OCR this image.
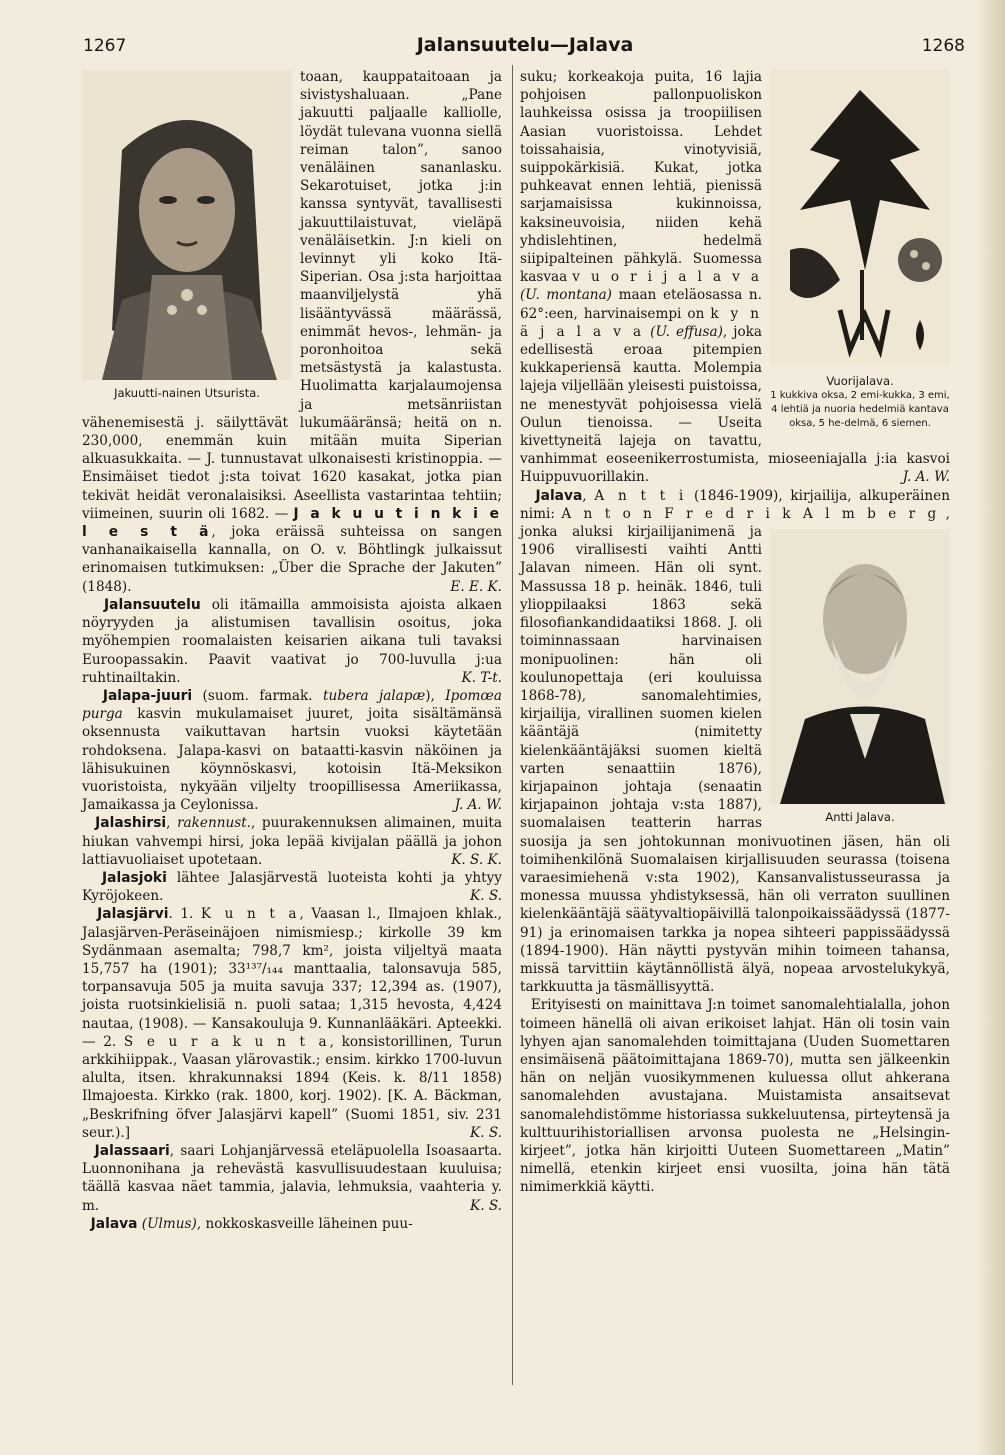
1267	Jalansuutelu—Jalava	1268

Jakuutti-nainen Utsurista.
toaan, kauppataitoaan ja sivistyshaluaan. „Pane jakuutti paljaalle kalliolle, löydät tulevana vuonna siellä reiman talon”, sanoo venäläinen sananlasku. Sekarotuiset, jotka j:in kanssa syntyvät, tavallisesti jakuuttilaistuvat, vieläpä venäläisetkin. J:n kieli on levinnyt yli koko Itä-Siperian. Osa j:sta harjoittaa maanviljelystä yhä lisääntyvässä määrässä, enimmät hevos-, lehmän- ja poronhoitoa sekä metsästystä ja kalastusta. Huolimatta karjalaumojensa ja metsänriistan vähenemisestä j. säilyttävät lukumääränsä; heitä on n. 230,000, enemmän kuin mitään muita Siperian alkuasukkaita. — J. tunnustavat ulkonaisesti kristinoppia. — Ensimäiset tiedot j:sta toivat 1620 kasakat, jotka pian tekivät heidät veronalaisiksi. Aseellista vastarintaa tehtiin; viimeinen, suurin oli 1682. — J a k u u t i n k i e l e s t ä, joka eräissä suhteissa on sangen vanhanaikaisella kannalla, on O. v. Böhtlingk julkaissut erinomaisen tutkimuksen: „Über die Sprache der Jakuten” (1848).	E. E. K.

Jalansuutelu oli itämailla ammoisista ajoista alkaen nöyryyden ja alistumisen tavallisin osoitus, joka myöhempien roomalaisten keisarien aikana tuli tavaksi Euroopassakin. Paavit vaativat jo 700-luvulla j:ua ruhtinailtakin.	K. T-t.

Jalapa-juuri (suom. farmak. tubera jalapæ), Ipomœa purga kasvin mukulamaiset juuret, joita sisältämänsä oksennusta vaikuttavan hartsin vuoksi käytetään rohdoksena. Jalapa-kasvi on bataatti-kasvin näköinen ja lähisukuinen köynnöskasvi, kotoisin Itä-Meksikon vuoristoista, nykyään viljelty troopillisessa Ameriikassa, Jamaikassa ja Ceylonissa.	J. A. W.

Jalashirsi, rakennust., puurakennuksen alimainen, muita hiukan vahvempi hirsi, joka lepää kivijalan päällä ja johon lattiavuoliaiset upotetaan.	K. S. K.

Jalasjoki lähtee Jalasjärvestä luoteista kohti ja yhtyy Kyröjokeen.	K. S.

Jalasjärvi. 1. K u n t a, Vaasan l., Ilmajoen khlak., Jalasjärven-Peräseinäjoen nimismiesp.; kirkolle 39 km Sydänmaan asemalta; 798,7 km², joista viljeltyä maata 15,757 ha (1901); 33¹³⁷/₁₄₄ manttaalia, talonsavuja 585, torpansavuja 505 ja muita savuja 337; 12,394 as. (1907), joista ruotsinkielisiä n. puoli sataa; 1,315 hevosta, 4,424 nautaa, (1908). — Kansakouluja 9. Kunnanlääkäri. Apteekki. — 2. S e u r a k u n t a, konsistorillinen, Turun arkkihiippak., Vaasan ylärovastik.; ensim. kirkko 1700-luvun alulta, itsen. khrakunnaksi 1894 (Keis. k. 8/11 1858) Ilmajoesta. Kirkko (rak. 1800, korj. 1902). [K. A. Bäckman, „Beskrifning öfver Jalasjärvi kapell” (Suomi 1851, siv. 231 seur.).]	K. S.

Jalassaari, saari Lohjanjärvessä eteläpuolella Isoasaarta. Luonnonihana ja rehevästä kasvullisuudestaan kuuluisa; täällä kasvaa näet tammia, jalavia, lehmuksia, vaahteria y. m.	K. S.

Jalava (Ulmus), nokkoskasveille läheinen puu-

Vuorijalava.
1 kukkiva oksa, 2 emi-kukka, 3 emi, 4 lehtiä ja nuoria hedelmiä kantava oksa, 5 he-delmä, 6 siemen.
suku; korkeakoja puita, 16 lajia pohjoisen pallonpuoliskon lauhkeissa osissa ja troopiilisen Aasian vuoristoissa. Lehdet toissahaisia, vinotyvisiä, suippokärkisiä. Kukat, jotka puhkeavat ennen lehtiä, pienissä sarjamaisissa kukinnoissa, kaksineuvoisia, niiden kehä yhdislehtinen, hedelmä siipipalteinen pähkylä. Suomessa kasvaa v u o r i j a l a v a (U. montana) maan eteläosassa n. 62°:een, harvinaisempi on k y n ä j a l a v a (U. effusa), joka edellisestä eroaa pitempien kukkaperiensä kautta. Molempia lajeja viljellään yleisesti puistoissa, ne menestyvät pohjoisessa vielä Oulun tienoissa. — Useita kivettyneitä lajeja on tavattu, vanhimmat eoseenikerrostumista, mioseeniajalla j:ia kasvoi Huippuvuorillakin.	J. A. W.

Jalava, A n t t i (1846-1909), kirjailija, alkuperäinen nimi: A n t o n F r e d r i k A l m b e r g
Antti Jalava.
, jonka aluksi kirjailijanimenä ja 1906 virallisesti vaihti Antti Jalavan nimeen. Hän oli synt. Massussa 18 p. heinäk. 1846, tuli ylioppilaaksi 1863 sekä filosofiankandidaatiksi 1868. J. oli toiminnassaan harvinaisen monipuolinen: hän oli koulunopettaja (eri kouluissa 1868-78), sanomalehtimies, kirjailija, virallinen suomen kielen kääntäjä (nimitetty kielenkääntäjäksi suomen kieltä varten senaattiin 1876), kirjapainon johtaja (senaatin kirjapainon johtaja v:sta 1887), suomalaisen teatterin harras suosija ja sen johtokunnan monivuotinen jäsen, hän oli toimihenkilönä Suomalaisen kirjallisuuden seurassa (toisena varaesimiehenä v:sta 1902), Kansanvalistusseurassa ja monessa muussa yhdistyksessä, hän oli verraton suullinen kielenkääntäjä säätyvaltiopäivillä talonpoikaissäädyssä (1877-91) ja erinomaisen tarkka ja nopea sihteeri pappissäädyssä (1894-1900). Hän näytti pystyvän mihin toimeen tahansa, missä tarvittiin käytännöllistä älyä, nopeaa arvostelukykyä, tarkkuutta ja täsmällisyyttä.

Erityisesti on mainittava J:n toimet sanomalehtialalla, johon toimeen hänellä oli aivan erikoiset lahjat. Hän oli tosin vain lyhyen ajan sanomalehden toimittajana (Uuden Suomettaren ensimäisenä päätoimittajana 1869-70), mutta sen jälkeenkin hän on neljän vuosikymmenen kuluessa ollut ahkerana sanomalehden avustajana. Muistamista ansaitsevat sanomalehdistömme historiassa sukkeluutensa, pirteytensä ja kulttuurihistoriallisen arvonsa puolesta ne „Helsingin-kirjeet”, jotka hän kirjoitti Uuteen Suomettareen „Matin” nimellä, etenkin kirjeet ensi vuosilta, joina hän tätä nimimerkkiä käytti.
